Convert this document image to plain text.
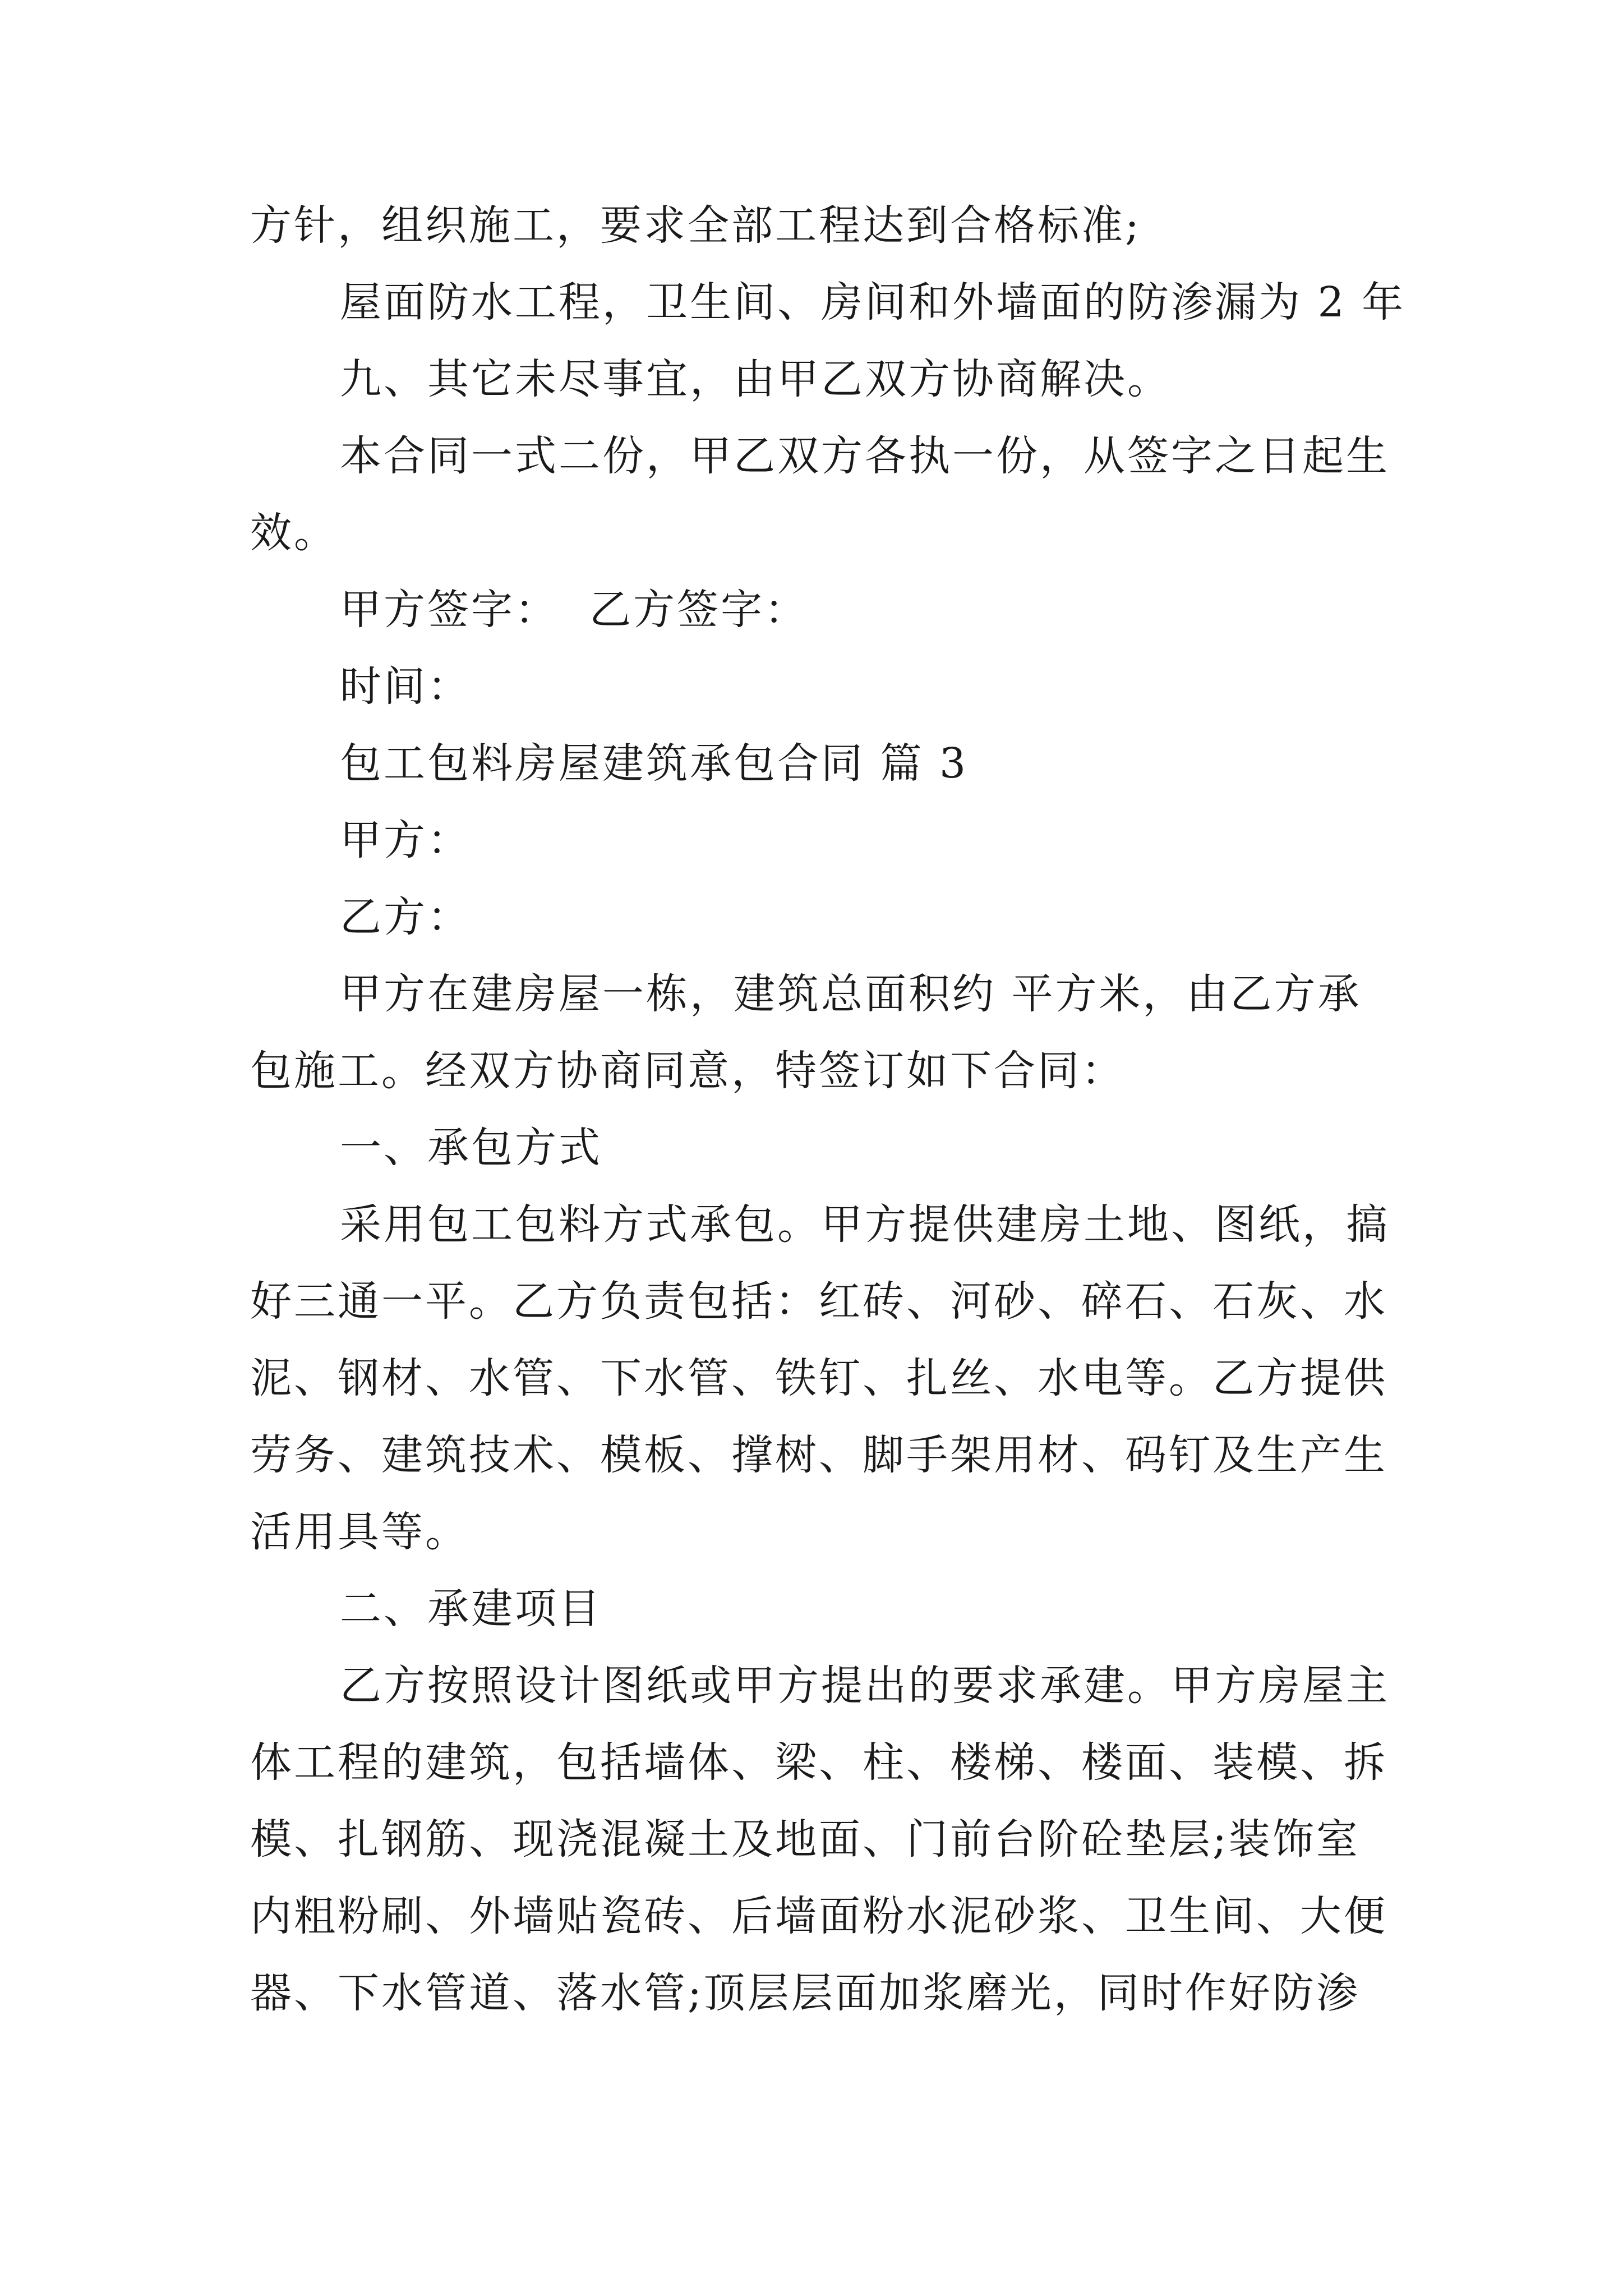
方针，组织施工，要求全部工程达到合格标准;
屋面防水工程，卫生间、房间和外墙面的防渗漏为 2 年
九、其它未尽事宜，由甲乙双方协商解决。
本合同一式二份，甲乙双方各执一份，从签字之日起生
效。
甲方签字：  乙方签字：
时间：
包工包料房屋建筑承包合同 篇 3
甲方：
乙方：
甲方在建房屋一栋，建筑总面积约 平方米，由乙方承
包施工。经双方协商同意，特签订如下合同：
一、承包方式
采用包工包料方式承包。甲方提供建房土地、图纸，搞
好三通一平。乙方负责包括：红砖、河砂、碎石、石灰、水
泥、钢材、水管、下水管、铁钉、扎丝、水电等。乙方提供
劳务、建筑技术、模板、撑树、脚手架用材、码钉及生产生
活用具等。
二、承建项目
乙方按照设计图纸或甲方提出的要求承建。甲方房屋主
体工程的建筑，包括墙体、梁、柱、楼梯、楼面、装模、拆
模、扎钢筋、现浇混凝土及地面、门前台阶砼垫层;装饰室
内粗粉刷、外墙贴瓷砖、后墙面粉水泥砂浆、卫生间、大便
器、下水管道、落水管;顶层层面加浆磨光，同时作好防渗
